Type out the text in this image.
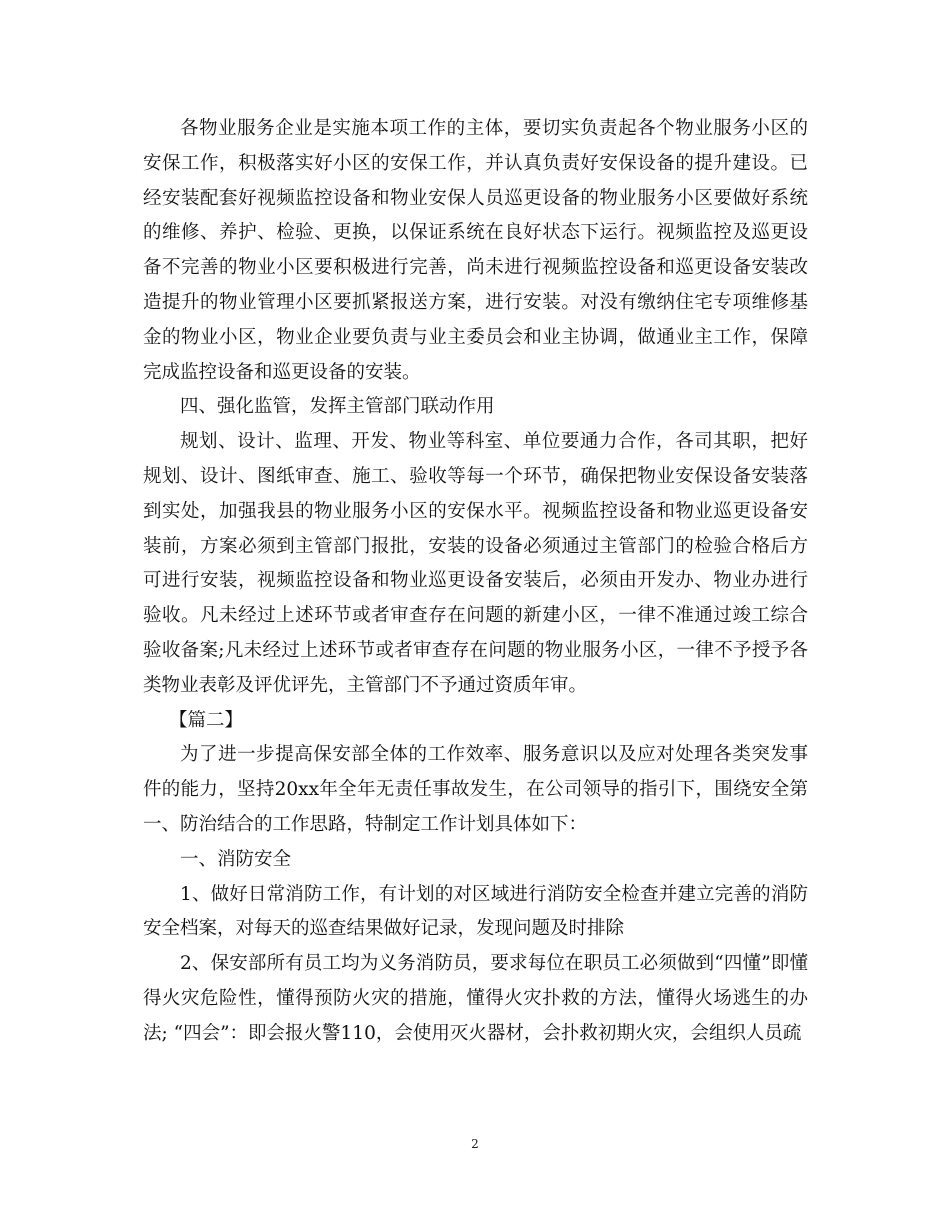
各物业服务企业是实施本项工作的主体，要切实负责起各个物业服务小区的安保工作，积极落实好小区的安保工作，并认真负责好安保设备的提升建设。已经安装配套好视频监控设备和物业安保人员巡更设备的物业服务小区要做好系统的维修、养护、检验、更换，以保证系统在良好状态下运行。视频监控及巡更设备不完善的物业小区要积极进行完善，尚未进行视频监控设备和巡更设备安装改造提升的物业管理小区要抓紧报送方案，进行安装。对没有缴纳住宅专项维修基金的物业小区，物业企业要负责与业主委员会和业主协调，做通业主工作，保障完成监控设备和巡更设备的安装。

四、强化监管，发挥主管部门联动作用

规划、设计、监理、开发、物业等科室、单位要通力合作，各司其职，把好规划、设计、图纸审查、施工、验收等每一个环节，确保把物业安保设备安装落到实处，加强我县的物业服务小区的安保水平。视频监控设备和物业巡更设备安装前，方案必须到主管部门报批，安装的设备必须通过主管部门的检验合格后方可进行安装，视频监控设备和物业巡更设备安装后，必须由开发办、物业办进行验收。凡未经过上述环节或者审查存在问题的新建小区，一律不准通过竣工综合验收备案;凡未经过上述环节或者审查存在问题的物业服务小区，一律不予授予各类物业表彰及评优评先，主管部门不予通过资质年审。

【篇二】

为了进一步提高保安部全体的工作效率、服务意识以及应对处理各类突发事件的能力，坚持20xx年全年无责任事故发生，在公司领导的指引下，围绕安全第一、防治结合的工作思路，特制定工作计划具体如下：

一、消防安全

1、做好日常消防工作，有计划的对区域进行消防安全检查并建立完善的消防安全档案，对每天的巡查结果做好记录，发现问题及时排除

2、保安部所有员工均为义务消防员，要求每位在职员工必须做到“四懂”即懂得火灾危险性，懂得预防火灾的措施，懂得火灾扑救的方法，懂得火场逃生的办法; “四会”：即会报火警110，会使用灭火器材，会扑救初期火灾，会组织人员疏

2
